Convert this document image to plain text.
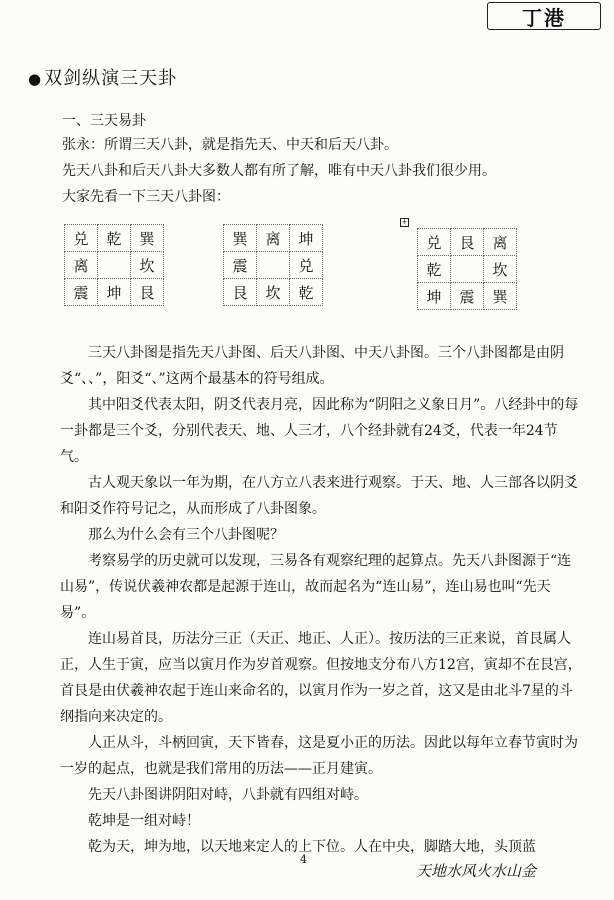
丁港
● 双剑纵演三天卦
一、三天易卦
张永：所谓三天八卦，就是指先天、中天和后天八卦。
先天八卦和后天八卦大多数人都有所了解，唯有中天八卦我们很少用。
大家先看一下三天八卦图：
兑	乾	巽
离		坎
震	坤	艮
巽	离	坤
震		兑
艮	坎	乾
+
兑	艮	离
乾		坎
坤	震	巽
三天八卦图是指先天八卦图、后天八卦图、中天八卦图。三个八卦图都是由阴爻“、、”，阳爻“、”这两个最基本的符号组成。
其中阳爻代表太阳，阴爻代表月亮，因此称为“阴阳之义象日月”。八经卦中的每一卦都是三个爻，分别代表天、地、人三才，八个经卦就有24爻，代表一年24节气。
古人观天象以一年为期，在八方立八表来进行观察。于天、地、人三部各以阴爻和阳爻作符号记之，从而形成了八卦图象。
那么为什么会有三个八卦图呢？
考察易学的历史就可以发现，三易各有观察纪理的起算点。先天八卦图源于“连山易”，传说伏羲神农都是起源于连山，故而起名为“连山易”，连山易也叫“先天易”。
连山易首艮，历法分三正（天正、地正、人正）。按历法的三正来说，首艮属人正，人生于寅，应当以寅月作为岁首观察。但按地支分布八方12宫，寅却不在艮宫，首艮是由伏羲神农起于连山来命名的，以寅月作为一岁之首，这又是由北斗7星的斗纲指向来决定的。
人正从斗，斗柄回寅，天下皆春，这是夏小正的历法。因此以每年立春节寅时为一岁的起点，也就是我们常用的历法——正月建寅。
先天八卦图讲阴阳对峙，八卦就有四组对峙。
乾坤是一组对峙！
乾为天，坤为地，以天地来定人的上下位。人在中央，脚踏大地，头顶蓝
4
天地水风火水山金
